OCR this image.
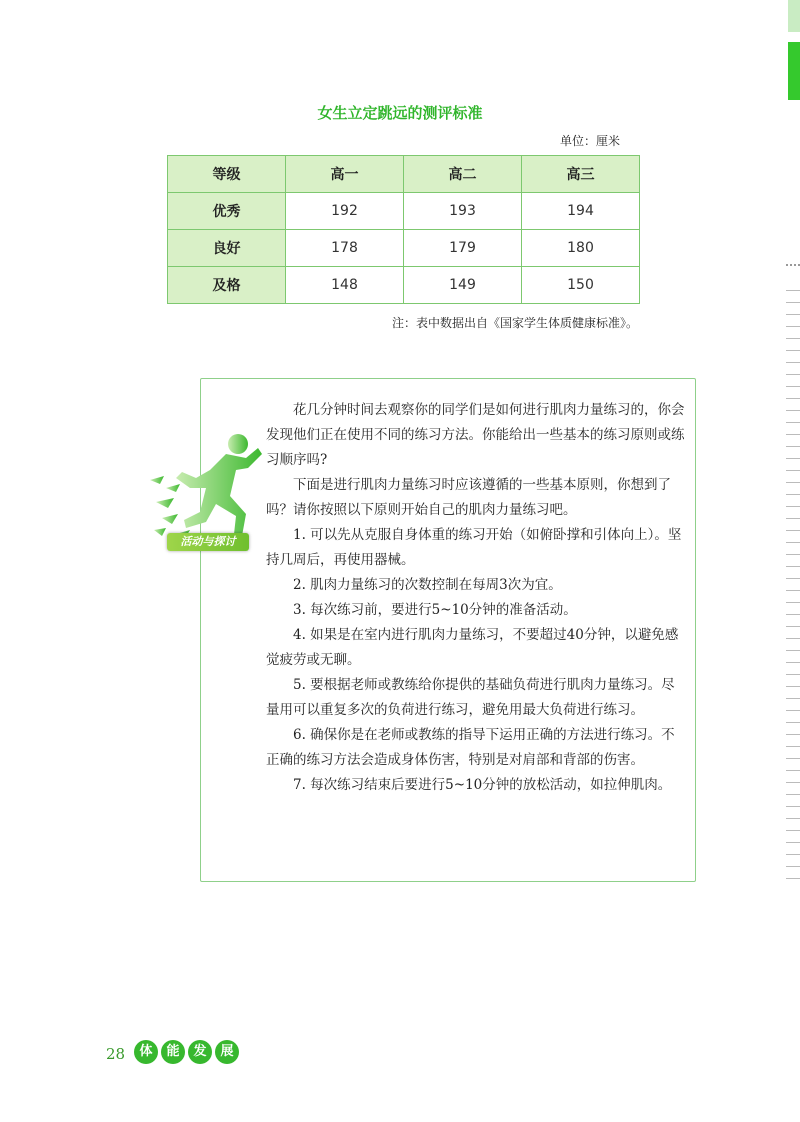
女生立定跳远的测评标准
单位：厘米
等级	高一	高二	高三
优秀	192	193	194
良好	178	179	180
及格	148	149	150
注：表中数据出自《国家学生体质健康标准》。
活动与探讨

花几分钟时间去观察你的同学们是如何进行肌肉力量练习的，你会发现他们正在使用不同的练习方法。你能给出一些基本的练习原则或练习顺序吗?

下面是进行肌肉力量练习时应该遵循的一些基本原则，你想到了吗？请你按照以下原则开始自己的肌肉力量练习吧。

1. 可以先从克服自身体重的练习开始（如俯卧撑和引体向上）。坚持几周后，再使用器械。

2. 肌肉力量练习的次数控制在每周3次为宜。

3. 每次练习前，要进行5~10分钟的准备活动。

4. 如果是在室内进行肌肉力量练习，不要超过40分钟，以避免感觉疲劳或无聊。

5. 要根据老师或教练给你提供的基础负荷进行肌肉力量练习。尽量用可以重复多次的负荷进行练习，避免用最大负荷进行练习。

6. 确保你是在老师或教练的指导下运用正确的方法进行练习。不正确的练习方法会造成身体伤害，特别是对肩部和背部的伤害。

7. 每次练习结束后要进行5~10分钟的放松活动，如拉伸肌肉。

28	体	能	发	展
